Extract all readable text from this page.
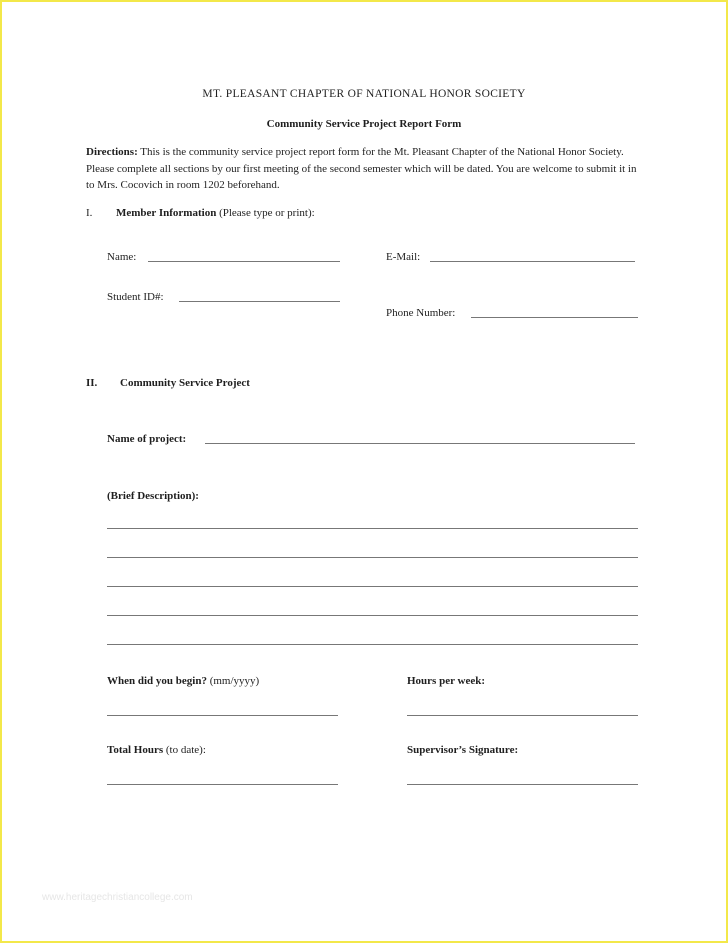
MT. PLEASANT CHAPTER OF NATIONAL HONOR SOCIETY
Community Service Project Report Form
Directions: This is the community service project report form for the Mt. Pleasant Chapter of the National Honor Society. Please complete all sections by our first meeting of the second semester which will be dated. You are welcome to submit it in to Mrs. Cocovich in room 1202 beforehand.
I. Member Information (Please type or print):
Name:	E-Mail:
Student ID#:
Phone Number:
II. Community Service Project
Name of project:
(Brief Description):
When did you begin? (mm/yyyy)	Hours per week:
Total Hours (to date):	Supervisor’s Signature:
www.heritagechristiancollege.com
